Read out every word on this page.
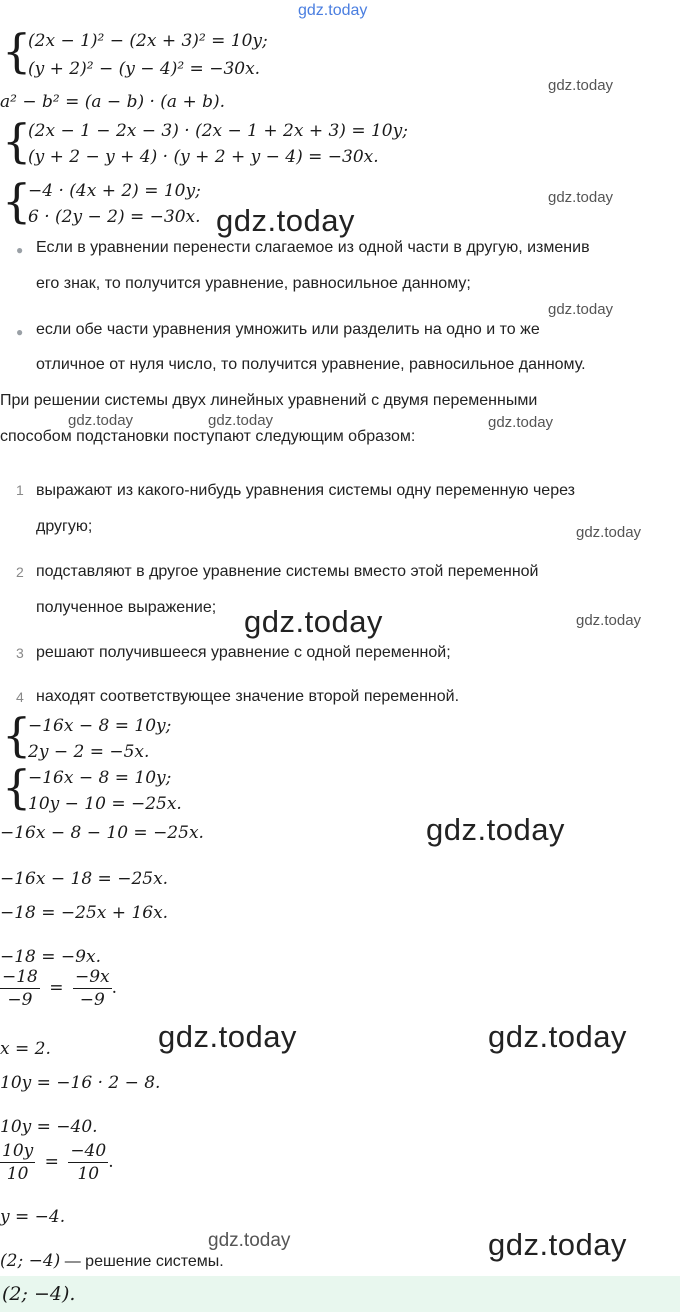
gdz.today
{
(2x − 1)² − (2x + 3)² = 10y;
(y + 2)² − (y − 4)² = −30x.
gdz.today
a² − b² = (a − b) · (a + b).
{
(2x − 1 − 2x − 3) · (2x − 1 + 2x + 3) = 10y;
(y + 2 − y + 4) · (y + 2 + y − 4) = −30x.
{
−4 · (4x + 2) = 10y;
6 · (2y − 2) = −30x.
gdz.today
gdz.today
● Если в уравнении перенести слагаемое из одной части в другую, изменив
его знак, то получится уравнение, равносильное данному;
gdz.today
● если обе части уравнения умножить или разделить на одно и то же
отличное от нуля число, то получится уравнение, равносильное данному.
При решении системы двух линейных уравнений с двумя переменными
gdz.today	gdz.today	gdz.today
способом подстановки поступают следующим образом:
1 выражают из какого-нибудь уравнения системы одну переменную через
другую;	gdz.today
2 подставляют в другое уравнение системы вместо этой переменной
полученное выражение; gdz.today	gdz.today
3 решают получившееся уравнение с одной переменной;
4 находят соответствующее значение второй переменной.
{
−16x − 8 = 10y;
2y − 2 = −5x.
{
−16x − 8 = 10y;
10y − 10 = −25x.
−16x − 8 − 10 = −25x.	gdz.today
−16x − 18 = −25x.
−18 = −25x + 16x.
−18 = −9x.
$\frac{-18}{-9} = \frac{-9x}{-9}$ .
gdz.today	gdz.today
x = 2.
10y = −16 · 2 − 8.
10y = −40.
$\frac{10y}{10} = \frac{-40}{10}$ .
y = −4.
gdz.today	gdz.today
(2; −4) — решение системы.
(2; −4).
